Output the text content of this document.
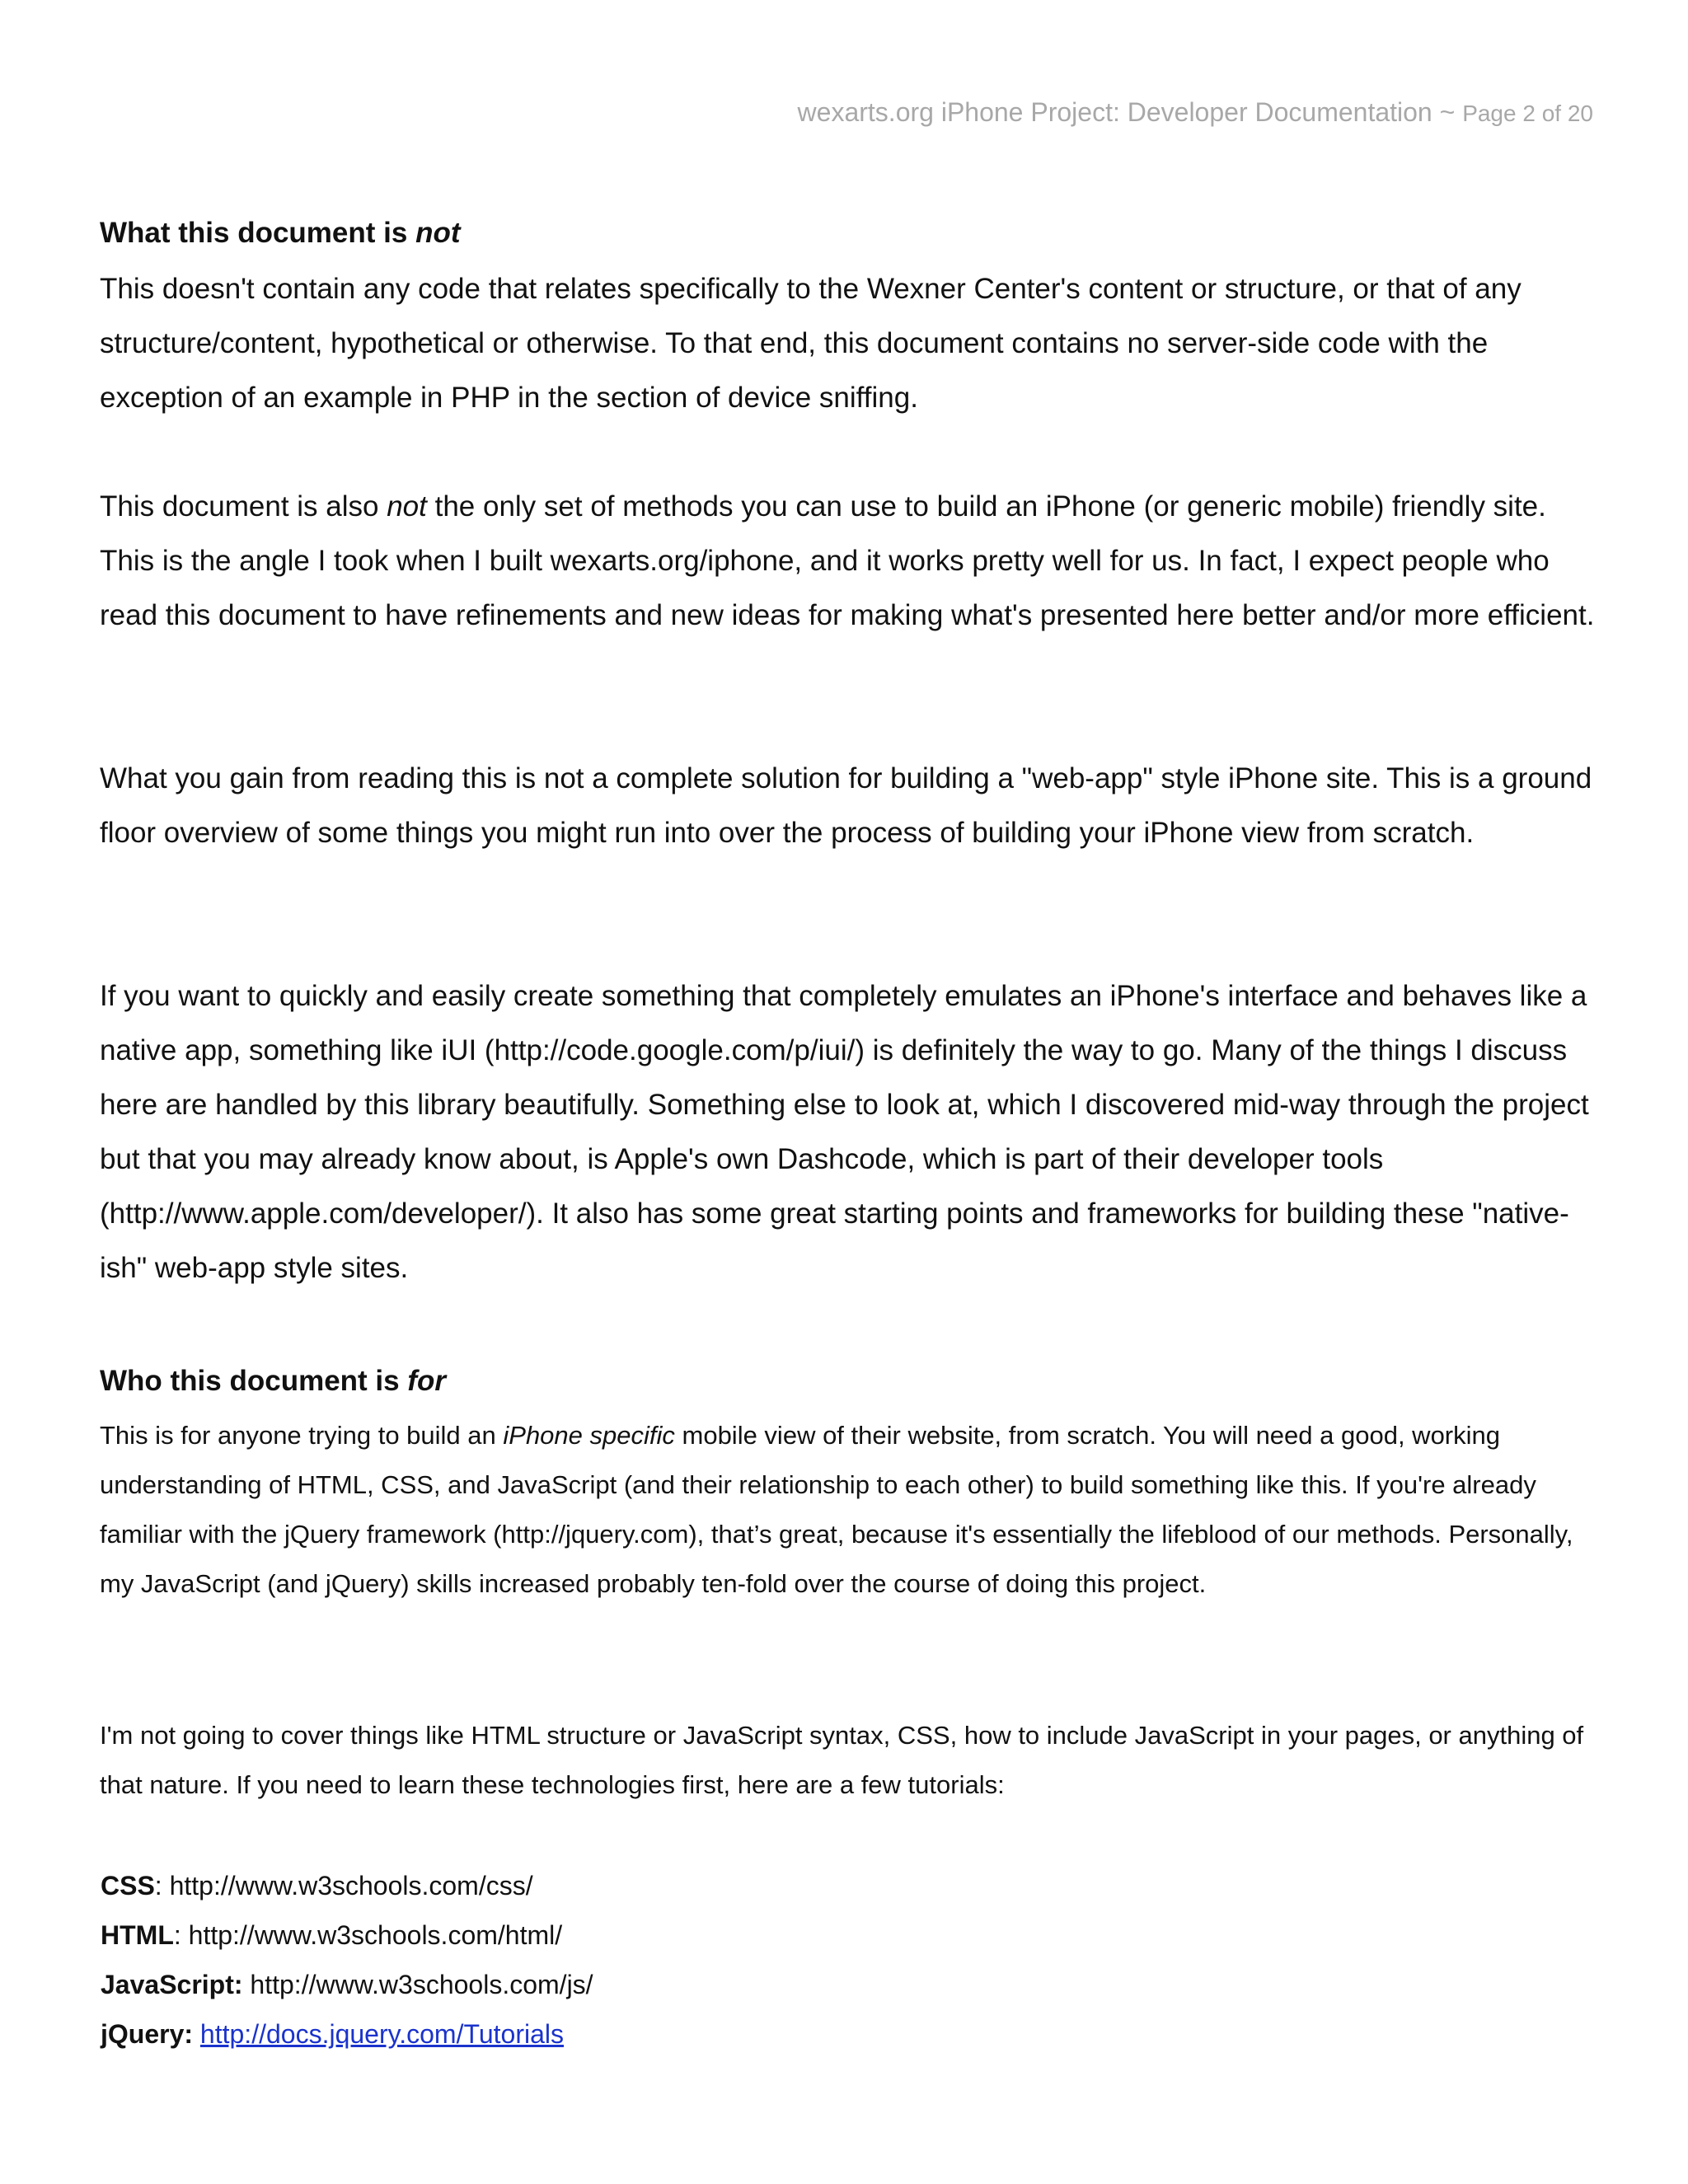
wexarts.org iPhone Project: Developer Documentation ~ Page 2 of 20
What this document is not

This doesn't contain any code that relates specifically to the Wexner Center's content or structure, or that of any structure/content, hypothetical or otherwise. To that end, this document contains no server-side code with the exception of an example in PHP in the section of device sniffing.

This document is also not the only set of methods you can use to build an iPhone (or generic mobile) friendly site. This is the angle I took when I built wexarts.org/iphone, and it works pretty well for us. In fact, I expect people who read this document to have refinements and new ideas for making what's presented here better and/or more efficient.

What you gain from reading this is not a complete solution for building a "web-app" style iPhone site. This is a ground floor overview of some things you might run into over the process of building your iPhone view from scratch.

If you want to quickly and easily create something that completely emulates an iPhone's interface and behaves like a native app, something like iUI (http://code.google.com/p/iui/) is definitely the way to go. Many of the things I discuss here are handled by this library beautifully. Something else to look at, which I discovered mid-way through the project but that you may already know about, is Apple's own Dashcode, which is part of their developer tools (http://www.apple.com/developer/). It also has some great starting points and frameworks for building these "native-ish" web-app style sites.

Who this document is for

This is for anyone trying to build an iPhone specific mobile view of their website, from scratch. You will need a good, working understanding of HTML, CSS, and JavaScript (and their relationship to each other) to build something like this. If you're already familiar with the jQuery framework (http://jquery.com), that’s great, because it's essentially the lifeblood of our methods. Personally, my JavaScript (and jQuery) skills increased probably ten-fold over the course of doing this project.

I'm not going to cover things like HTML structure or JavaScript syntax, CSS, how to include JavaScript in your pages, or anything of that nature. If you need to learn these technologies first, here are a few tutorials:

CSS: http://www.w3schools.com/css/
HTML: http://www.w3schools.com/html/
JavaScript: http://www.w3schools.com/js/
jQuery: http://docs.jquery.com/Tutorials
